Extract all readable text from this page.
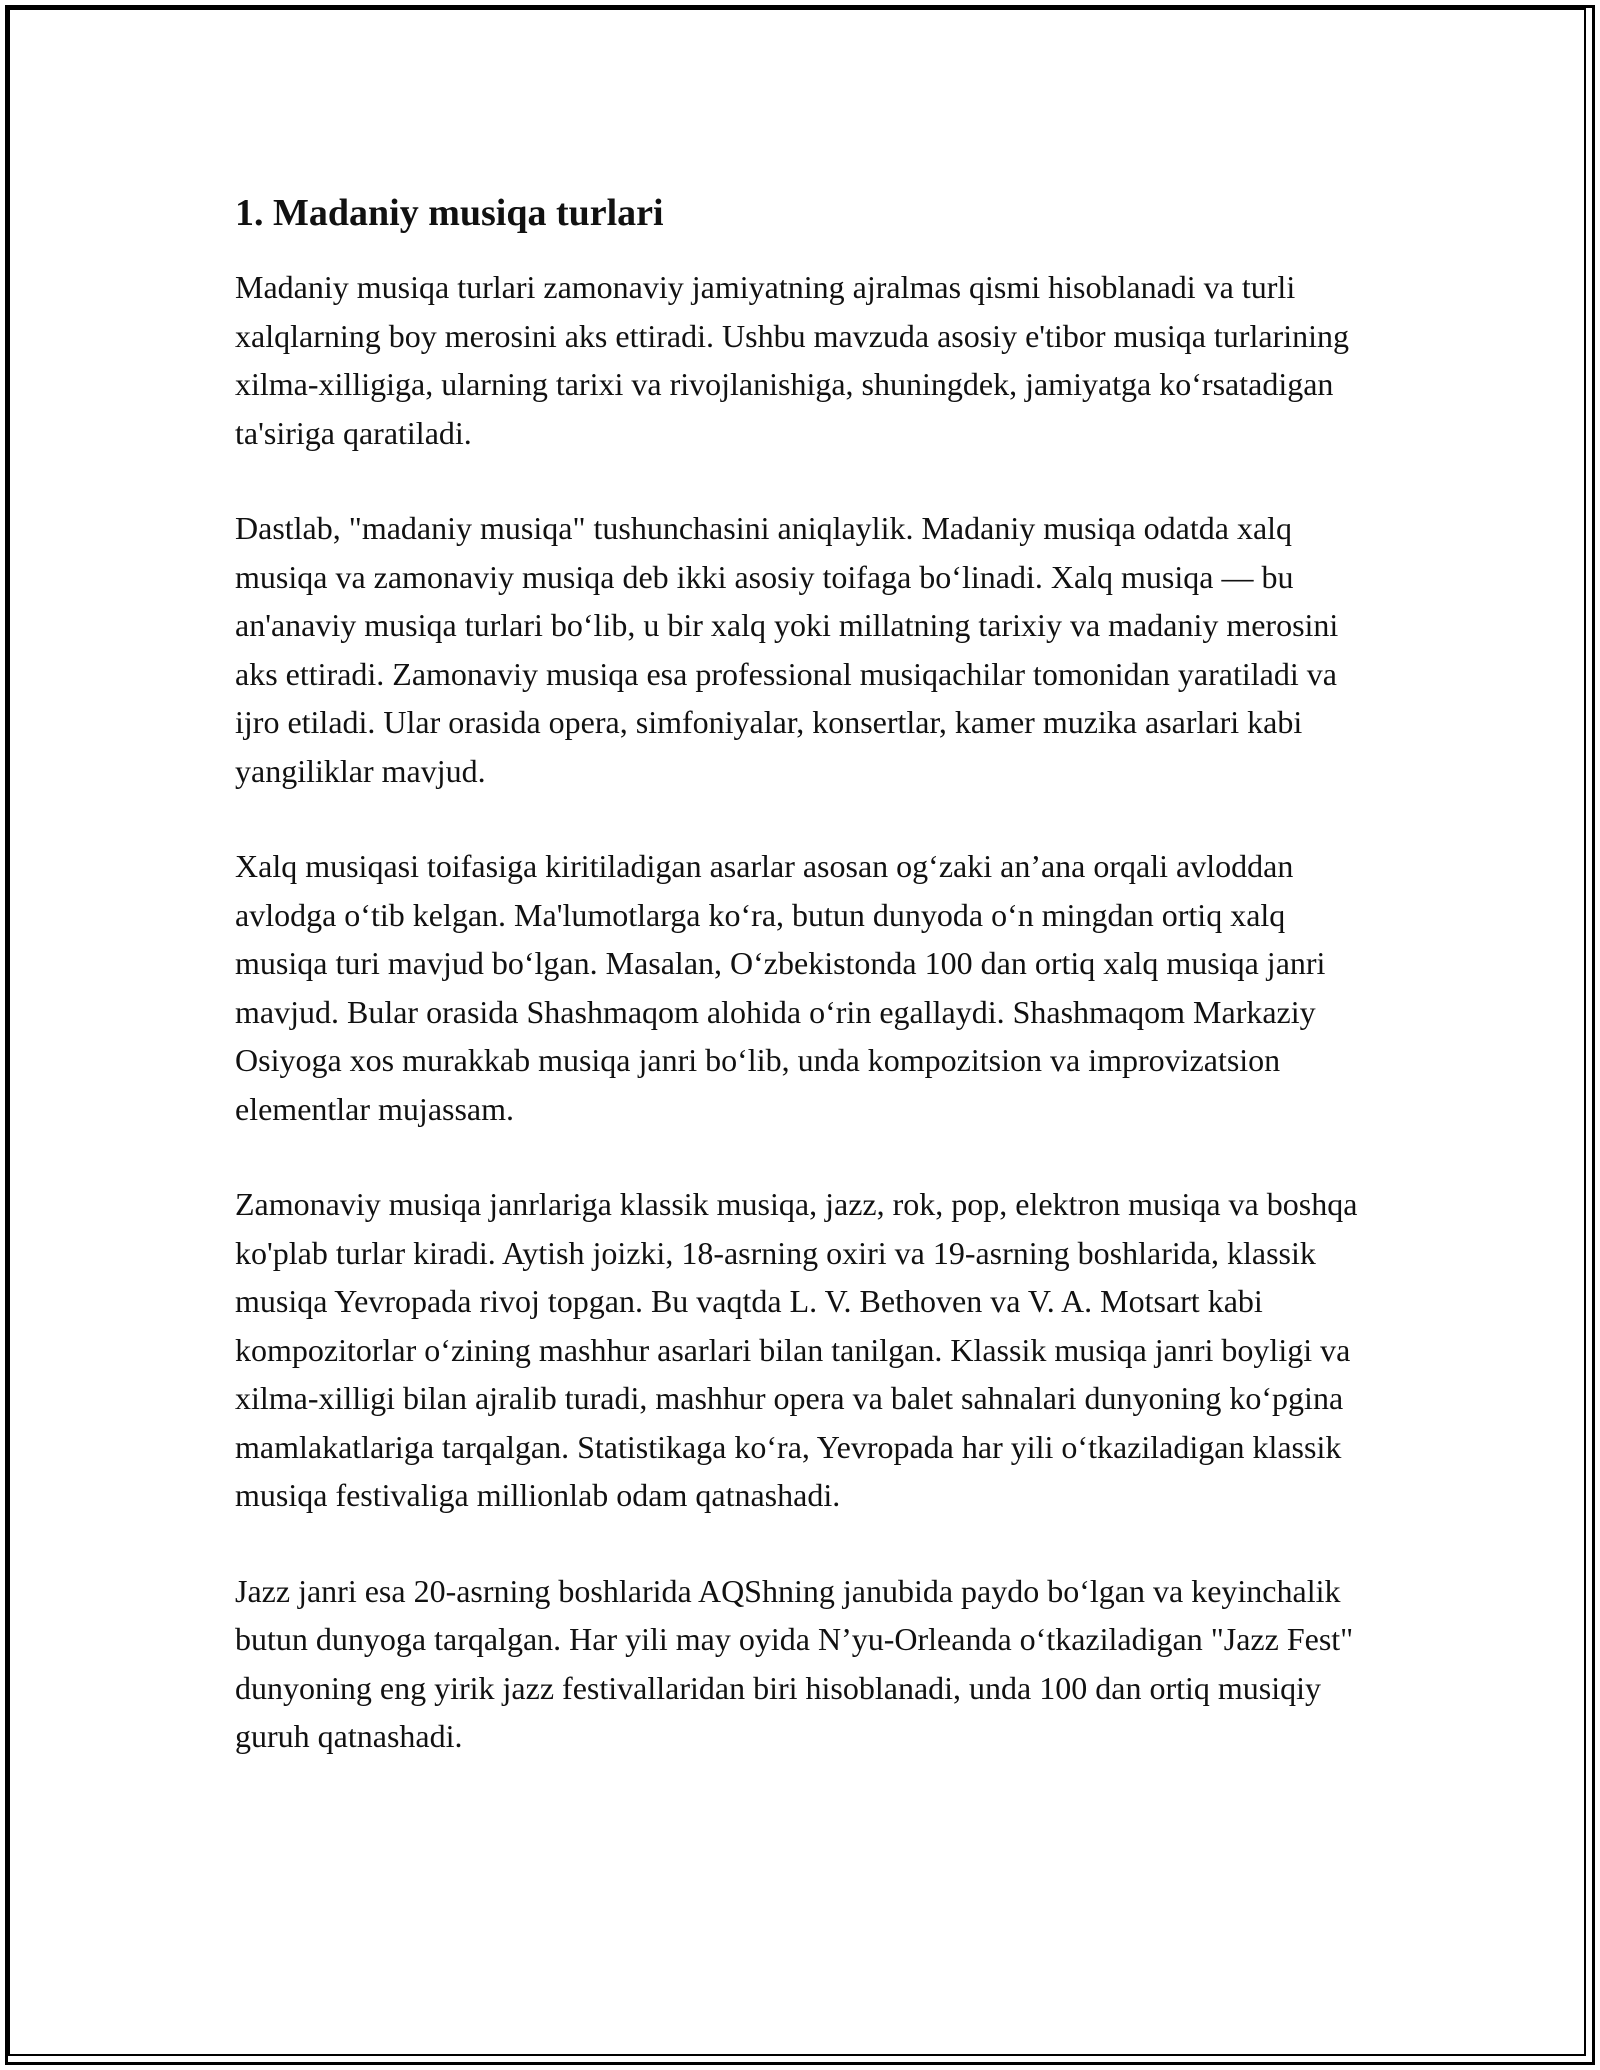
1. Madaniy musiqa turlari

Madaniy musiqa turlari zamonaviy jamiyatning ajralmas qismi hisoblanadi va turli xalqlarning boy merosini aks ettiradi. Ushbu mavzuda asosiy e'tibor musiqa turlarining xilma-xilligiga, ularning tarixi va rivojlanishiga, shuningdek, jamiyatga ko‘rsatadigan ta'siriga qaratiladi.

Dastlab, "madaniy musiqa" tushunchasini aniqlaylik. Madaniy musiqa odatda xalq musiqa va zamonaviy musiqa deb ikki asosiy toifaga bo‘linadi. Xalq musiqa — bu an'anaviy musiqa turlari bo‘lib, u bir xalq yoki millatning tarixiy va madaniy merosini aks ettiradi. Zamonaviy musiqa esa professional musiqachilar tomonidan yaratiladi va ijro etiladi. Ular orasida opera, simfoniyalar, konsertlar, kamer muzika asarlari kabi yangiliklar mavjud.

Xalq musiqasi toifasiga kiritiladigan asarlar asosan og‘zaki an’ana orqali avloddan avlodga o‘tib kelgan. Ma'lumotlarga ko‘ra, butun dunyoda o‘n mingdan ortiq xalq musiqa turi mavjud bo‘lgan. Masalan, O‘zbekistonda 100 dan ortiq xalq musiqa janri mavjud. Bular orasida Shashmaqom alohida o‘rin egallaydi. Shashmaqom Markaziy Osiyoga xos murakkab musiqa janri bo‘lib, unda kompozitsion va improvizatsion elementlar mujassam.

Zamonaviy musiqa janrlariga klassik musiqa, jazz, rok, pop, elektron musiqa va boshqa ko'plab turlar kiradi. Aytish joizki, 18-asrning oxiri va 19-asrning boshlarida, klassik musiqa Yevropada rivoj topgan. Bu vaqtda L. V. Bethoven va V. A. Motsart kabi kompozitorlar o‘zining mashhur asarlari bilan tanilgan. Klassik musiqa janri boyligi va xilma-xilligi bilan ajralib turadi, mashhur opera va balet sahnalari dunyoning ko‘pgina mamlakatlariga tarqalgan. Statistikaga ko‘ra, Yevropada har yili o‘tkaziladigan klassik musiqa festivaliga millionlab odam qatnashadi.

Jazz janri esa 20-asrning boshlarida AQShning janubida paydo bo‘lgan va keyinchalik butun dunyoga tarqalgan. Har yili may oyida N’yu-Orleanda o‘tkaziladigan "Jazz Fest" dunyoning eng yirik jazz festivallaridan biri hisoblanadi, unda 100 dan ortiq musiqiy guruh qatnashadi.
